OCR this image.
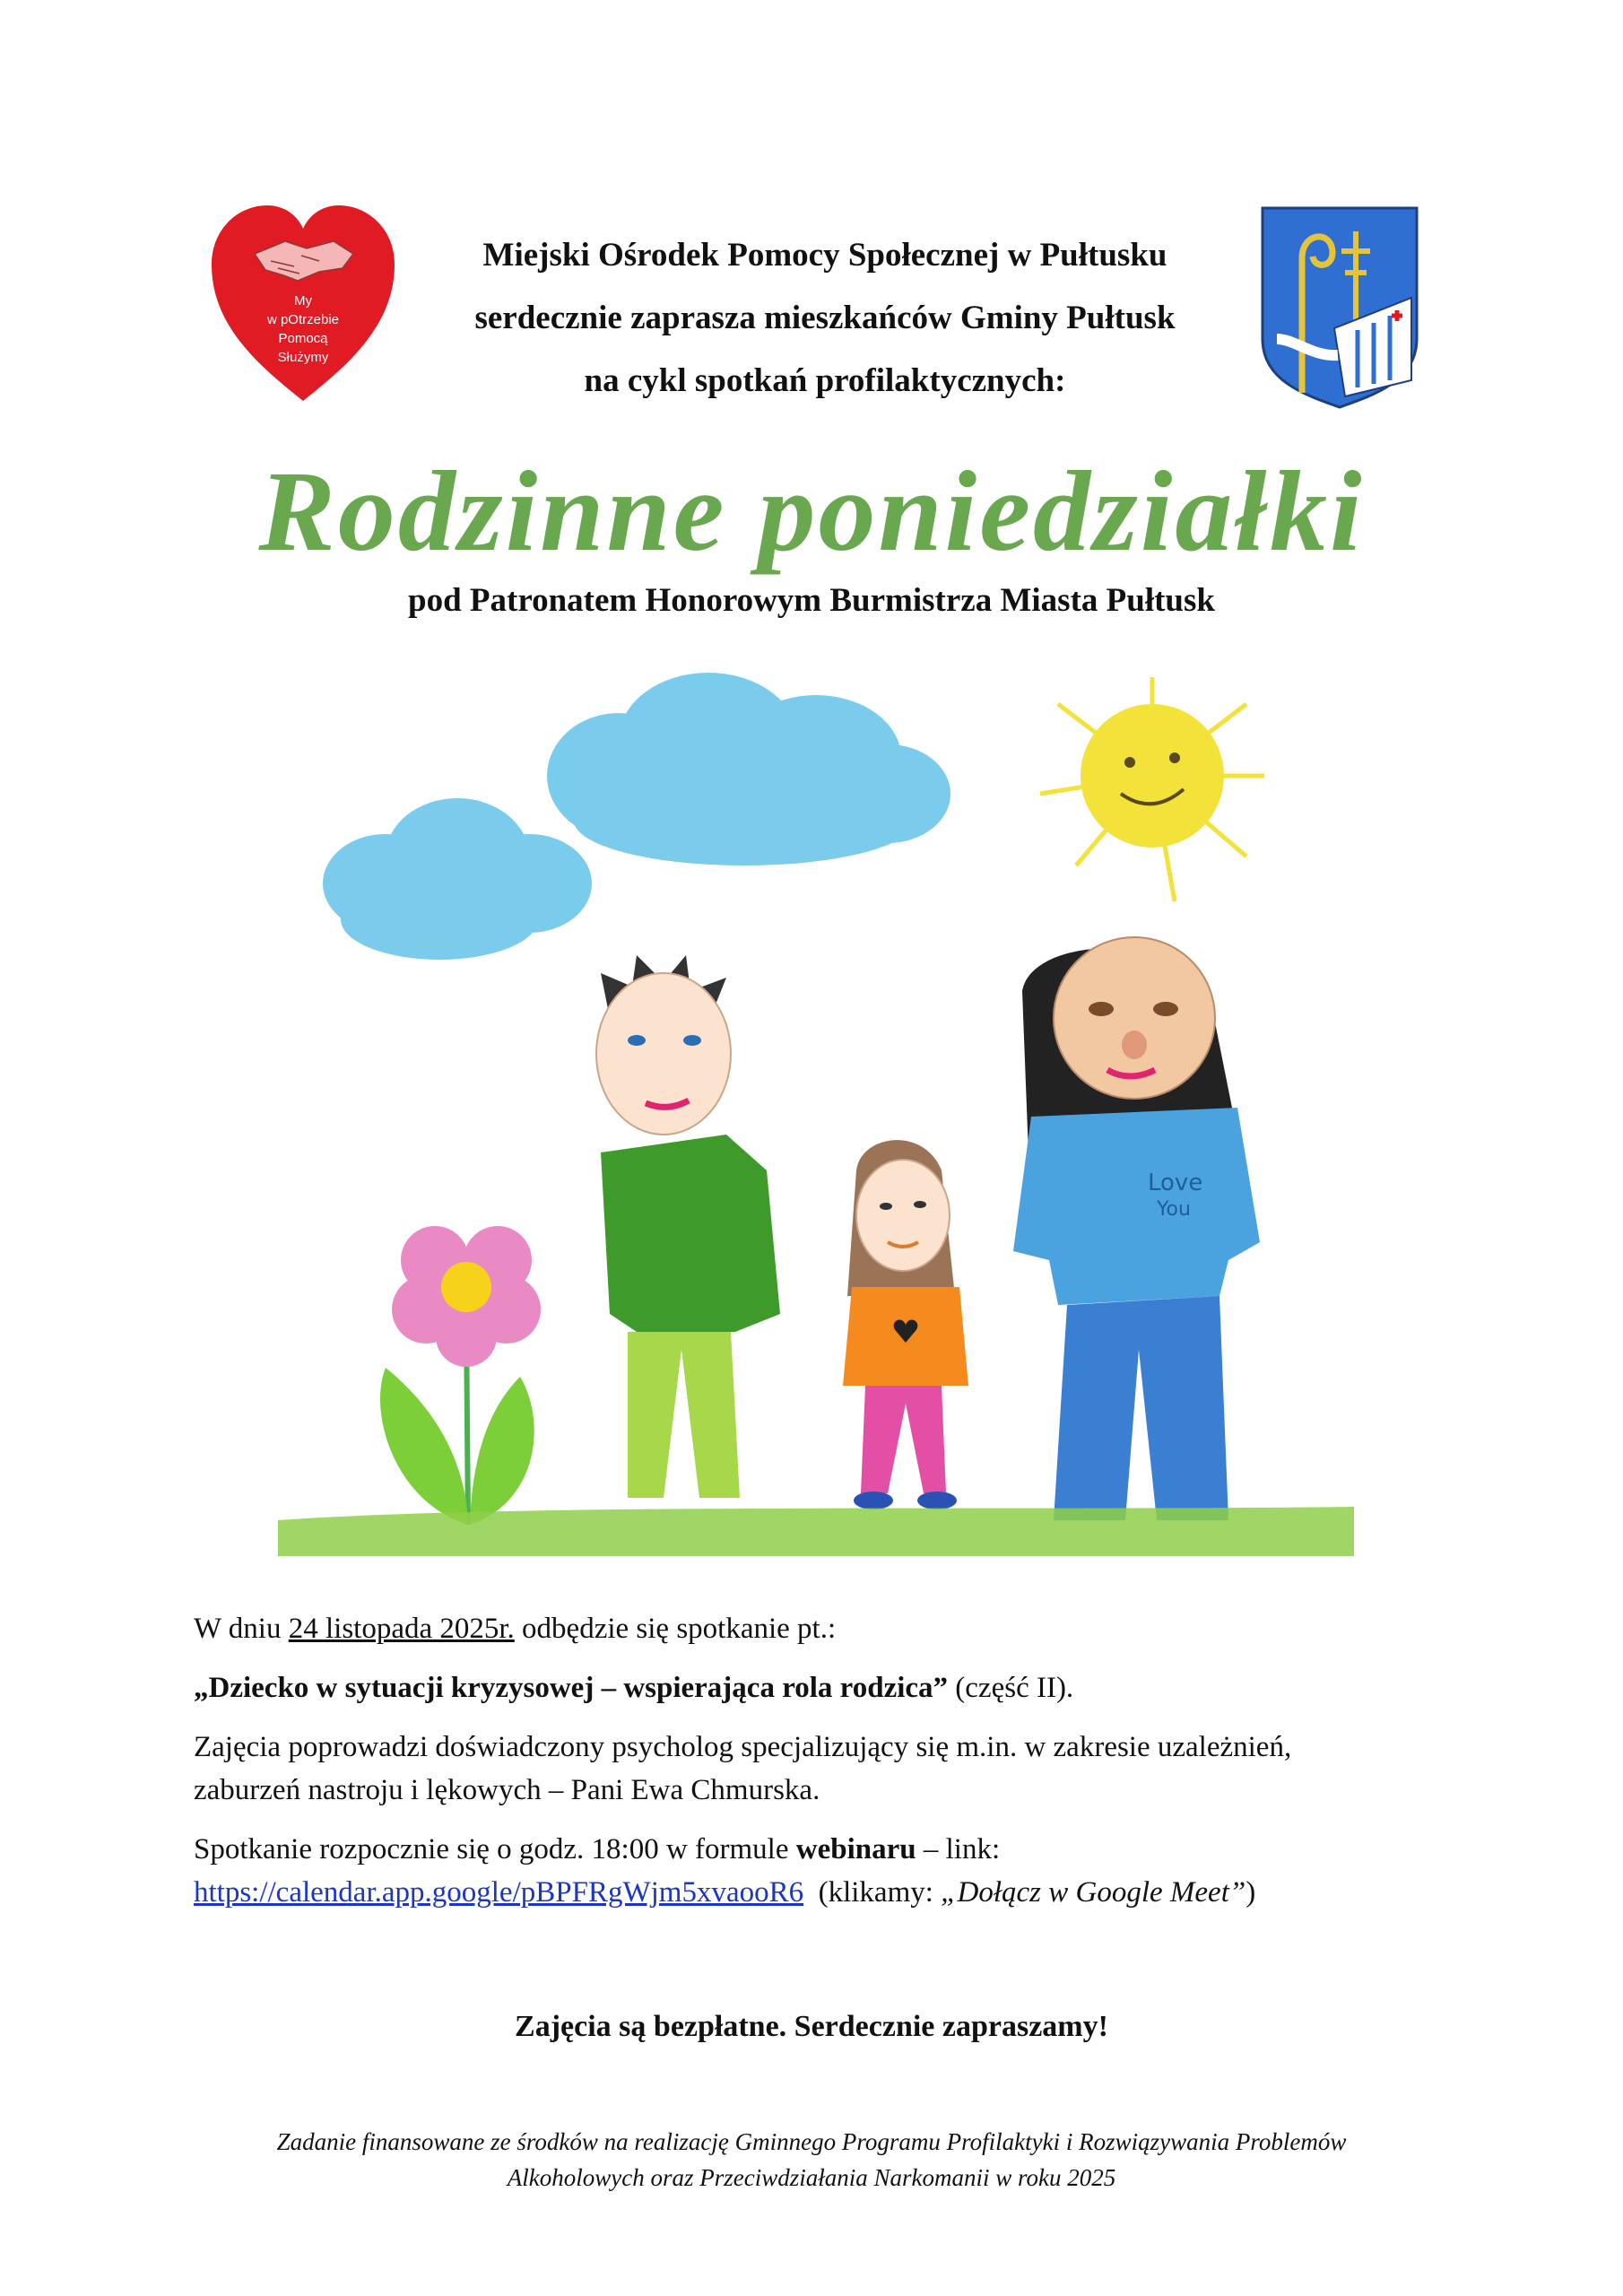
My
w pOtrzebie
Pomocą
Służymy
Miejski Ośrodek Pomocy Społecznej w Pułtusku
serdecznie zaprasza mieszkańców Gminy Pułtusk
na cykl spotkań profilaktycznych:
Rodzinne poniedziałki
pod Patronatem Honorowym Burmistrza Miasta Pułtusk
Love
You

W dniu 24 listopada 2025r. odbędzie się spotkanie pt.:

„Dziecko w sytuacji kryzysowej – wspierająca rola rodzica” (część II).

Zajęcia poprowadzi doświadczony psycholog specjalizujący się m.in. w zakresie uzależnień,
zaburzeń nastroju i lękowych – Pani Ewa Chmurska.

Spotkanie rozpocznie się o godz. 18:00 w formule webinaru – link:
https://calendar.app.google/pBPFRgWjm5xvaooR6  (klikamy: „Dołącz w Google Meet”)

Zajęcia są bezpłatne. Serdecznie zapraszamy!
Zadanie finansowane ze środków na realizację Gminnego Programu Profilaktyki i Rozwiązywania Problemów
Alkoholowych oraz Przeciwdziałania Narkomanii w roku 2025
